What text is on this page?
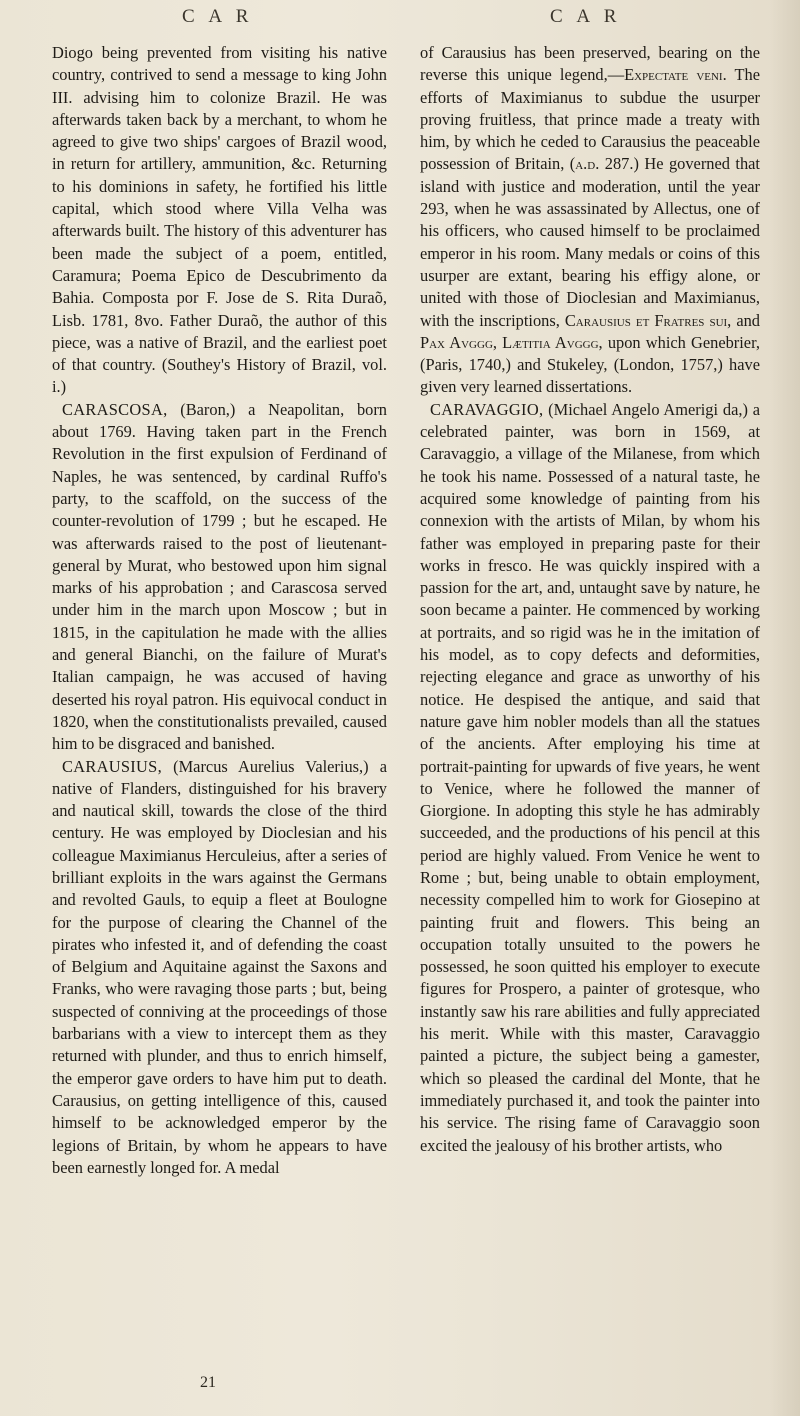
C A R	C A R

Diogo being prevented from visiting his native country, contrived to send a message to king John III. advising him to colonize Brazil. He was afterwards taken back by a merchant, to whom he agreed to give two ships' cargoes of Brazil wood, in return for artillery, ammunition, &c. Returning to his dominions in safety, he fortified his little capital, which stood where Villa Velha was afterwards built. The history of this adventurer has been made the subject of a poem, entitled, Caramura; Poema Epico de Descubrimento da Bahia. Composta por F. Jose de S. Rita Duraõ, Lisb. 1781, 8vo. Father Duraõ, the author of this piece, was a native of Brazil, and the earliest poet of that country. (Southey's History of Brazil, vol. i.)

CARASCOSA, (Baron,) a Neapolitan, born about 1769. Having taken part in the French Revolution in the first expulsion of Ferdinand of Naples, he was sentenced, by cardinal Ruffo's party, to the scaffold, on the success of the counter-revolution of 1799 ; but he escaped. He was afterwards raised to the post of lieutenant-general by Murat, who bestowed upon him signal marks of his approbation ; and Carascosa served under him in the march upon Moscow ; but in 1815, in the capitulation he made with the allies and general Bianchi, on the failure of Murat's Italian campaign, he was accused of having deserted his royal patron. His equivocal conduct in 1820, when the constitutionalists prevailed, caused him to be disgraced and banished.

CARAUSIUS, (Marcus Aurelius Valerius,) a native of Flanders, distinguished for his bravery and nautical skill, towards the close of the third century. He was employed by Dioclesian and his colleague Maximianus Herculeius, after a series of brilliant exploits in the wars against the Germans and revolted Gauls, to equip a fleet at Boulogne for the purpose of clearing the Channel of the pirates who infested it, and of defending the coast of Belgium and Aquitaine against the Saxons and Franks, who were ravaging those parts ; but, being suspected of conniving at the proceedings of those barbarians with a view to intercept them as they returned with plunder, and thus to enrich himself, the emperor gave orders to have him put to death. Carausius, on getting intelligence of this, caused himself to be acknowledged emperor by the legions of Britain, by whom he appears to have been earnestly longed for. A medal

of Carausius has been preserved, bearing on the reverse this unique legend,—Expectate veni. The efforts of Maximianus to subdue the usurper proving fruitless, that prince made a treaty with him, by which he ceded to Carausius the peaceable possession of Britain, (a.d. 287.) He governed that island with justice and moderation, until the year 293, when he was assassinated by Allectus, one of his officers, who caused himself to be proclaimed emperor in his room. Many medals or coins of this usurper are extant, bearing his effigy alone, or united with those of Dioclesian and Maximianus, with the inscriptions, Carausius et Fratres sui, and Pax Avggg, Lætitia Avggg, upon which Genebrier, (Paris, 1740,) and Stukeley, (London, 1757,) have given very learned dissertations.

CARAVAGGIO, (Michael Angelo Amerigi da,) a celebrated painter, was born in 1569, at Caravaggio, a village of the Milanese, from which he took his name. Possessed of a natural taste, he acquired some knowledge of painting from his connexion with the artists of Milan, by whom his father was employed in preparing paste for their works in fresco. He was quickly inspired with a passion for the art, and, untaught save by nature, he soon became a painter. He commenced by working at portraits, and so rigid was he in the imitation of his model, as to copy defects and deformities, rejecting elegance and grace as unworthy of his notice. He despised the antique, and said that nature gave him nobler models than all the statues of the ancients. After employing his time at portrait-painting for upwards of five years, he went to Venice, where he followed the manner of Giorgione. In adopting this style he has admirably succeeded, and the productions of his pencil at this period are highly valued. From Venice he went to Rome ; but, being unable to obtain employment, necessity compelled him to work for Giosepino at painting fruit and flowers. This being an occupation totally unsuited to the powers he possessed, he soon quitted his employer to execute figures for Prospero, a painter of grotesque, who instantly saw his rare abilities and fully appreciated his merit. While with this master, Caravaggio painted a picture, the subject being a gamester, which so pleased the cardinal del Monte, that he immediately purchased it, and took the painter into his service. The rising fame of Caravaggio soon excited the jealousy of his brother artists, who

21
